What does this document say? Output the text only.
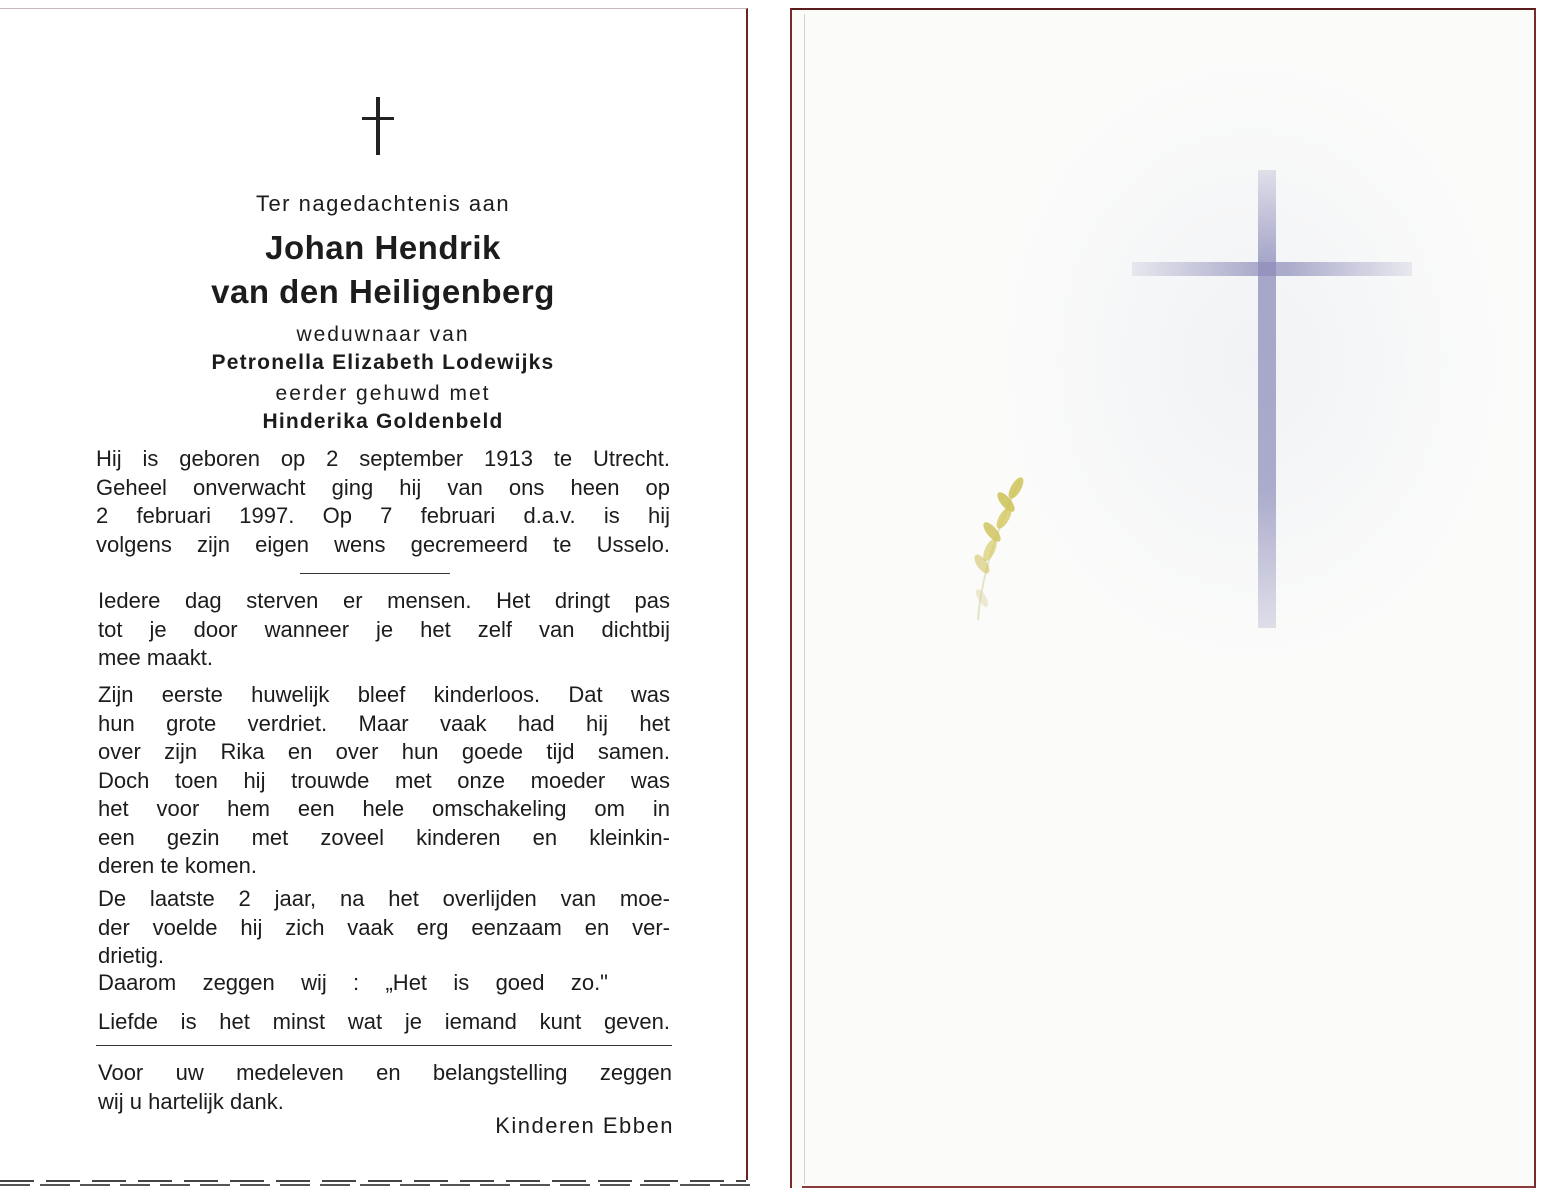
Ter nagedachtenis aan
Johan Hendrik
van den Heiligenberg
weduwnaar van
Petronella Elizabeth Lodewijks
eerder gehuwd met
Hinderika Goldenbeld
Hij is geboren op 2 september 1913 te Utrecht.
Geheel onverwacht ging hij van ons heen op
2 februari 1997. Op 7 februari d.a.v. is hij
volgens zijn eigen wens gecremeerd te Usselo.
Iedere dag sterven er mensen. Het dringt pas
tot je door wanneer je het zelf van dichtbij
mee maakt.
Zijn eerste huwelijk bleef kinderloos. Dat was
hun grote verdriet. Maar vaak had hij het
over zijn Rika en over hun goede tijd samen.
Doch toen hij trouwde met onze moeder was
het voor hem een hele omschakeling om in
een gezin met zoveel kinderen en kleinkin-
deren te komen.
De laatste 2 jaar, na het overlijden van moe-
der voelde hij zich vaak erg eenzaam en ver-
drietig.
Daarom zeggen wij : „Het is goed zo."
Liefde is het minst wat je iemand kunt geven.
Voor uw medeleven en belangstelling zeggen
wij u hartelijk dank.
Kinderen Ebben
